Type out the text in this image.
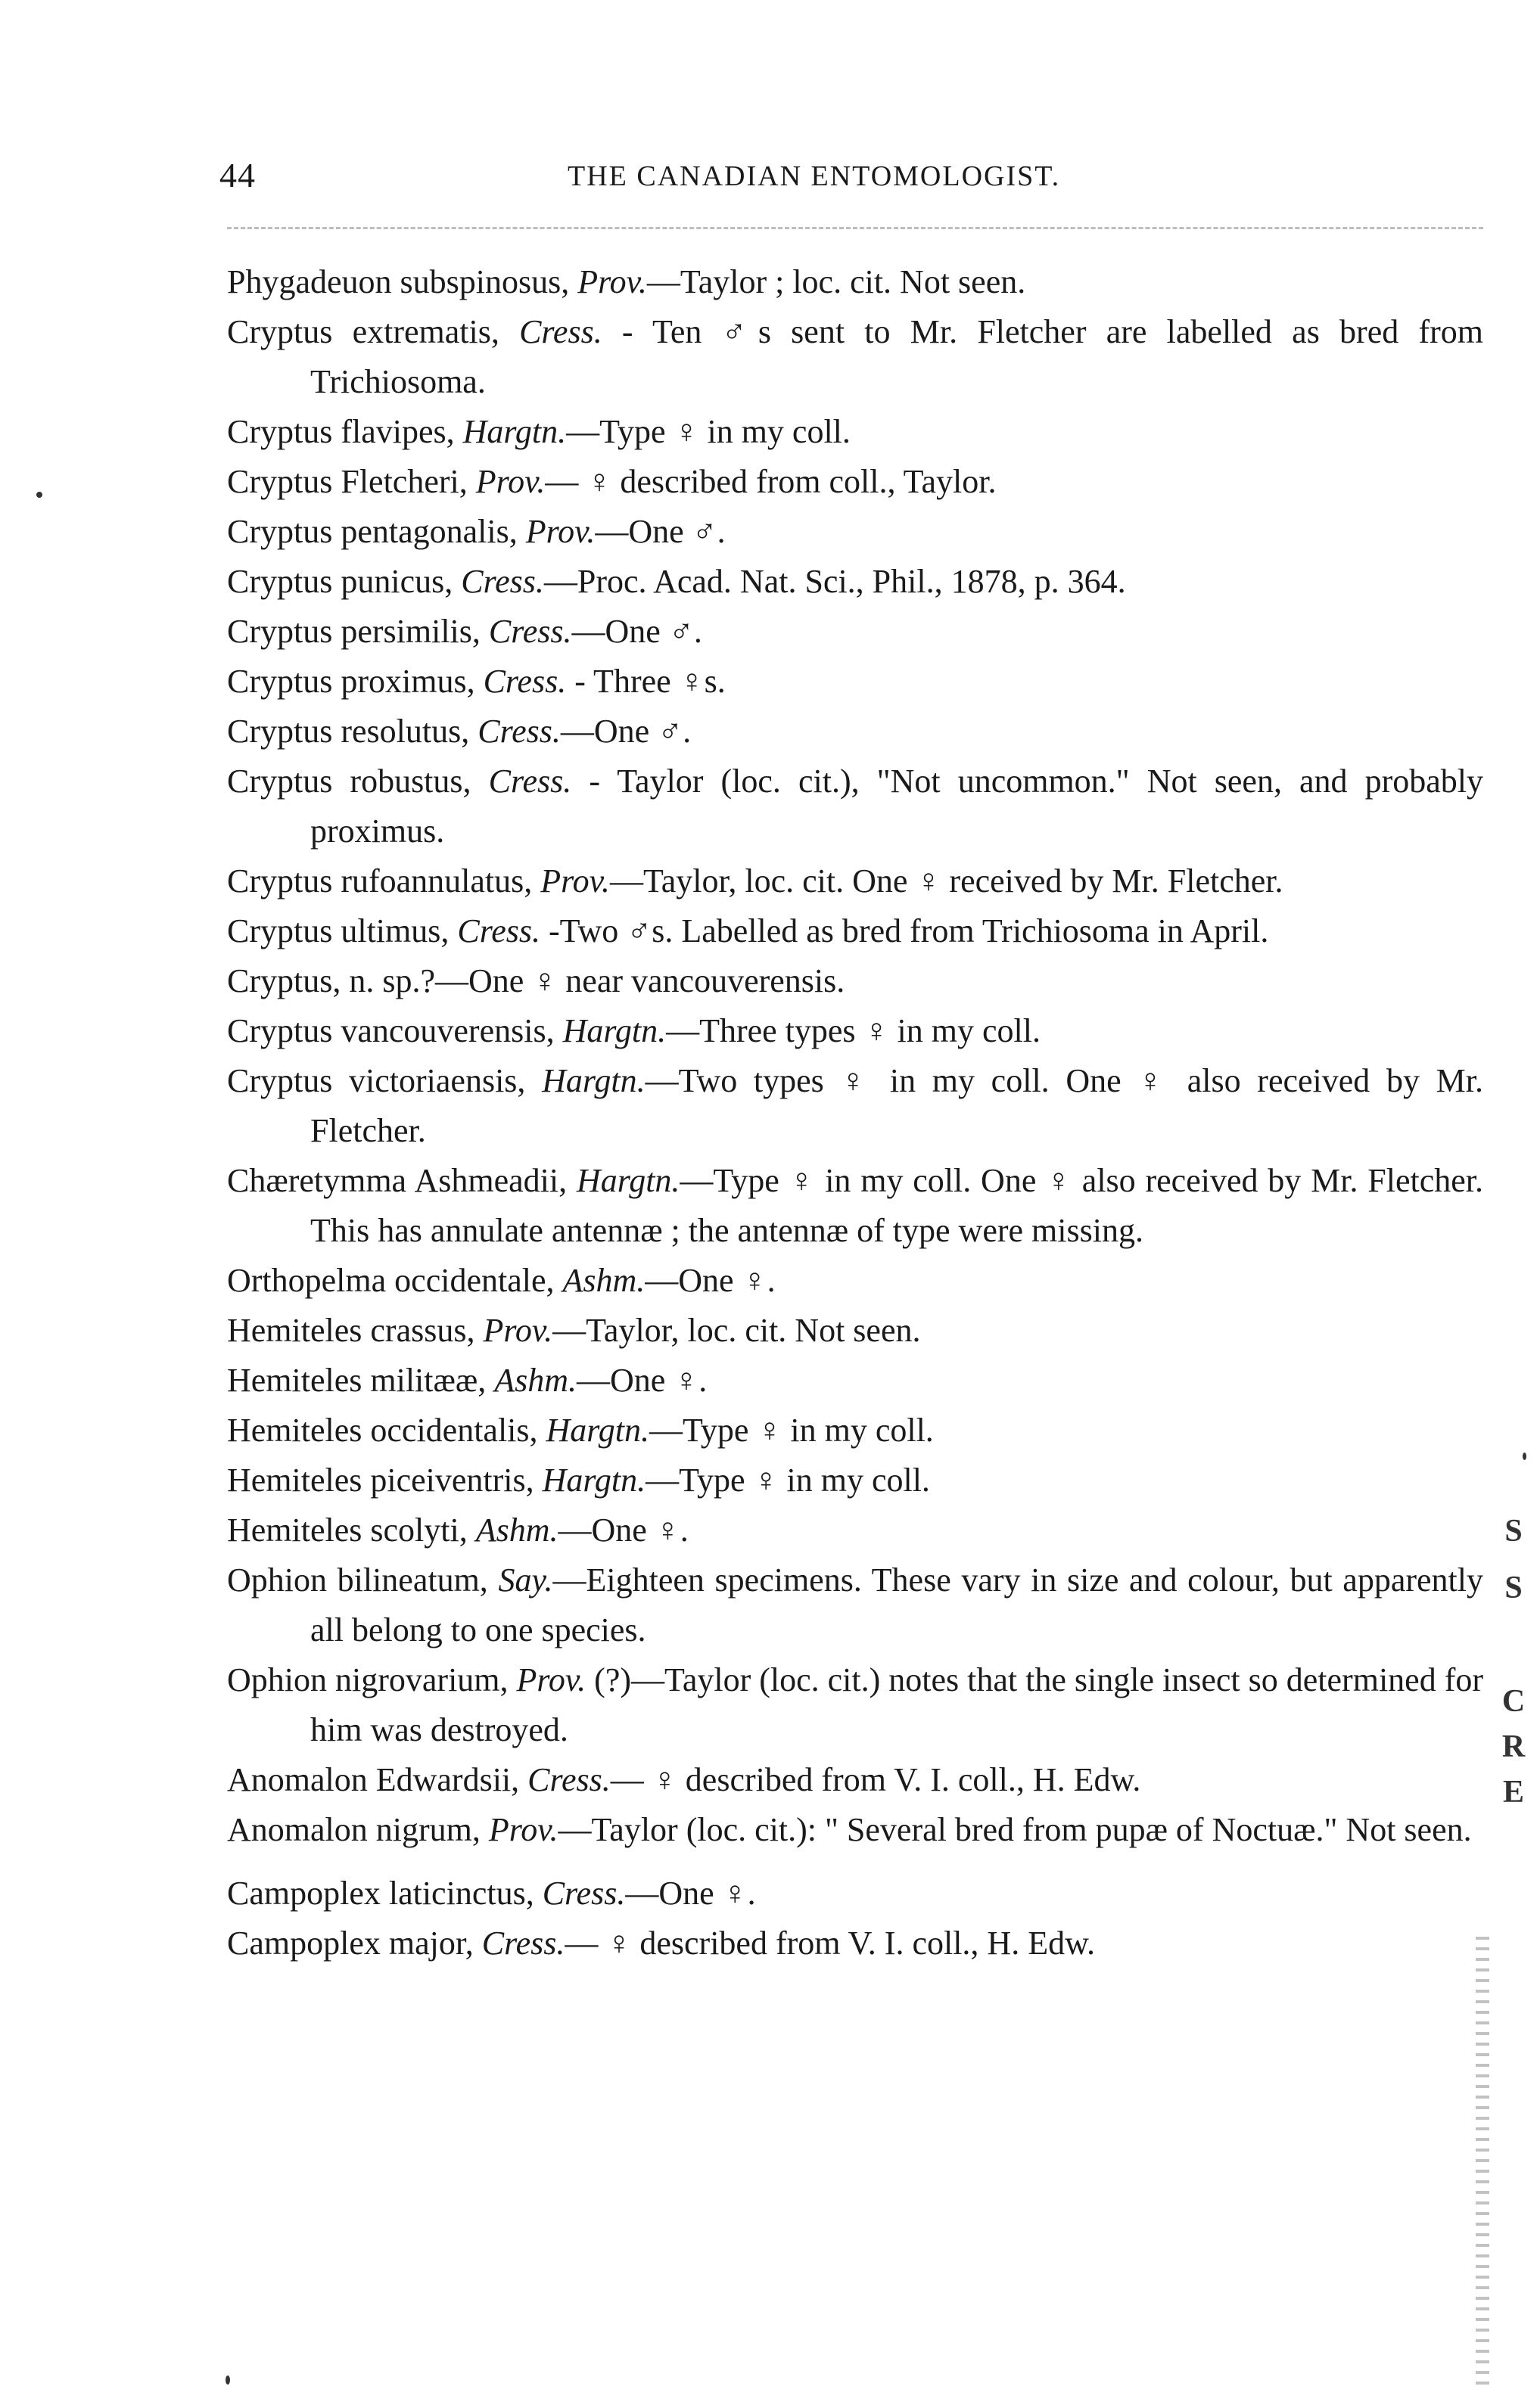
44	THE CANADIAN ENTOMOLOGIST.

Phygadeuon subspinosus, Prov.—Taylor ; loc. cit. Not seen.

Cryptus extrematis, Cress. - Ten ♂s sent to Mr. Fletcher are labelled as bred from Trichiosoma.

Cryptus flavipes, Hargtn.—Type ♀ in my coll.

Cryptus Fletcheri, Prov.— ♀ described from coll., Taylor.

Cryptus pentagonalis, Prov.—One ♂.

Cryptus punicus, Cress.—Proc. Acad. Nat. Sci., Phil., 1878, p. 364.

Cryptus persimilis, Cress.—One ♂.

Cryptus proximus, Cress. - Three ♀s.

Cryptus resolutus, Cress.—One ♂.

Cryptus robustus, Cress. - Taylor (loc. cit.), "Not uncommon." Not seen, and probably proximus.

Cryptus rufoannulatus, Prov.—Taylor, loc. cit. One ♀ received by Mr. Fletcher.

Cryptus ultimus, Cress. -Two ♂s. Labelled as bred from Trichiosoma in April.

Cryptus, n. sp.?—One ♀ near vancouverensis.

Cryptus vancouverensis, Hargtn.—Three types ♀ in my coll.

Cryptus victoriaensis, Hargtn.—Two types ♀ in my coll. One ♀ also received by Mr. Fletcher.

Chæretymma Ashmeadii, Hargtn.—Type ♀ in my coll. One ♀ also received by Mr. Fletcher. This has annulate antennæ ; the antennæ of type were missing.

Orthopelma occidentale, Ashm.—One ♀.

Hemiteles crassus, Prov.—Taylor, loc. cit. Not seen.

Hemiteles militææ, Ashm.—One ♀.

Hemiteles occidentalis, Hargtn.—Type ♀ in my coll.

Hemiteles piceiventris, Hargtn.—Type ♀ in my coll.

Hemiteles scolyti, Ashm.—One ♀.

Ophion bilineatum, Say.—Eighteen specimens. These vary in size and colour, but apparently all belong to one species.

Ophion nigrovarium, Prov. (?)—Taylor (loc. cit.) notes that the single insect so determined for him was destroyed.

Anomalon Edwardsii, Cress.— ♀ described from V. I. coll., H. Edw.

Anomalon nigrum, Prov.—Taylor (loc. cit.): " Several bred from pupæ of Noctuæ." Not seen.

Campoplex laticinctus, Cress.—One ♀.

Campoplex major, Cress.— ♀ described from V. I. coll., H. Edw.

S
S
C
R
E
